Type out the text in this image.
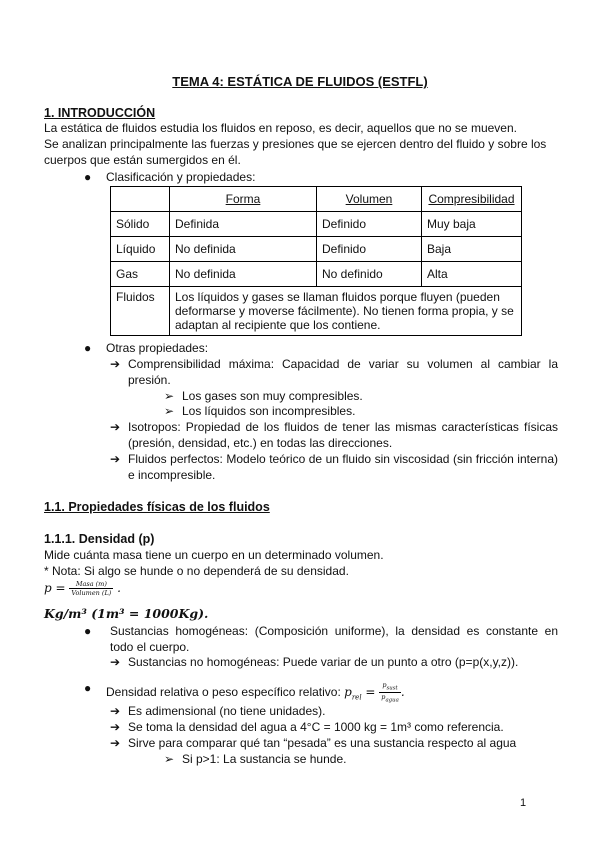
TEMA 4: ESTÁTICA DE FLUIDOS (ESTFL)
1. INTRODUCCIÓN
La estática de fluidos estudia los fluidos en reposo, es decir, aquellos que no se mueven.
Se analizan principalmente las fuerzas y presiones que se ejercen dentro del fluido y sobre los cuerpos que están sumergidos en él.
● Clasificación y propiedades:
	Forma	Volumen	Compresibilidad
Sólido	Definida	Definido	Muy baja
Líquido	No definida	Definido	Baja
Gas	No definida	No definido	Alta
Fluidos	Los líquidos y gases se llaman fluidos porque fluyen (pueden deformarse y moverse fácilmente). No tienen forma propia, y se adaptan al recipiente que los contiene.		
● Otras propiedades:
➔ Comprensibilidad máxima: Capacidad de variar su volumen al cambiar la presión.
➢ Los gases son muy compresibles.
➢ Los líquidos son incompresibles.
➔ Isotropos: Propiedad de los fluidos de tener las mismas características físicas (presión, densidad, etc.) en todas las direcciones.
➔ Fluidos perfectos: Modelo teórico de un fluido sin viscosidad (sin fricción interna) e incompresible.
1.1. Propiedades físicas de los fluidos
1.1.1. Densidad (p)
Mide cuánta masa tiene un cuerpo en un determinado volumen.
* Nota: Si algo se hunde o no dependerá de su densidad.
$p = \frac{\text{Masa (m)}}{\text{Volumen (L)}}$ .
Kg/m³ (1m³ = 1000Kg).
● Sustancias homogéneas: (Composición uniforme), la densidad es constante en todo el cuerpo.
➔ Sustancias no homogéneas: Puede variar de un punto a otro (p=p(x,y,z)).
● Densidad relativa o peso específico relativo: $p_{rel} = \frac{p_{sust}}{p_{agua}}$ .
➔ Es adimensional (no tiene unidades).
➔ Se toma la densidad del agua a 4°C = 1000 kg = 1m³ como referencia.
➔ Sirve para comparar qué tan “pesada” es una sustancia respecto al agua
➢ Si p>1: La sustancia se hunde.
1
